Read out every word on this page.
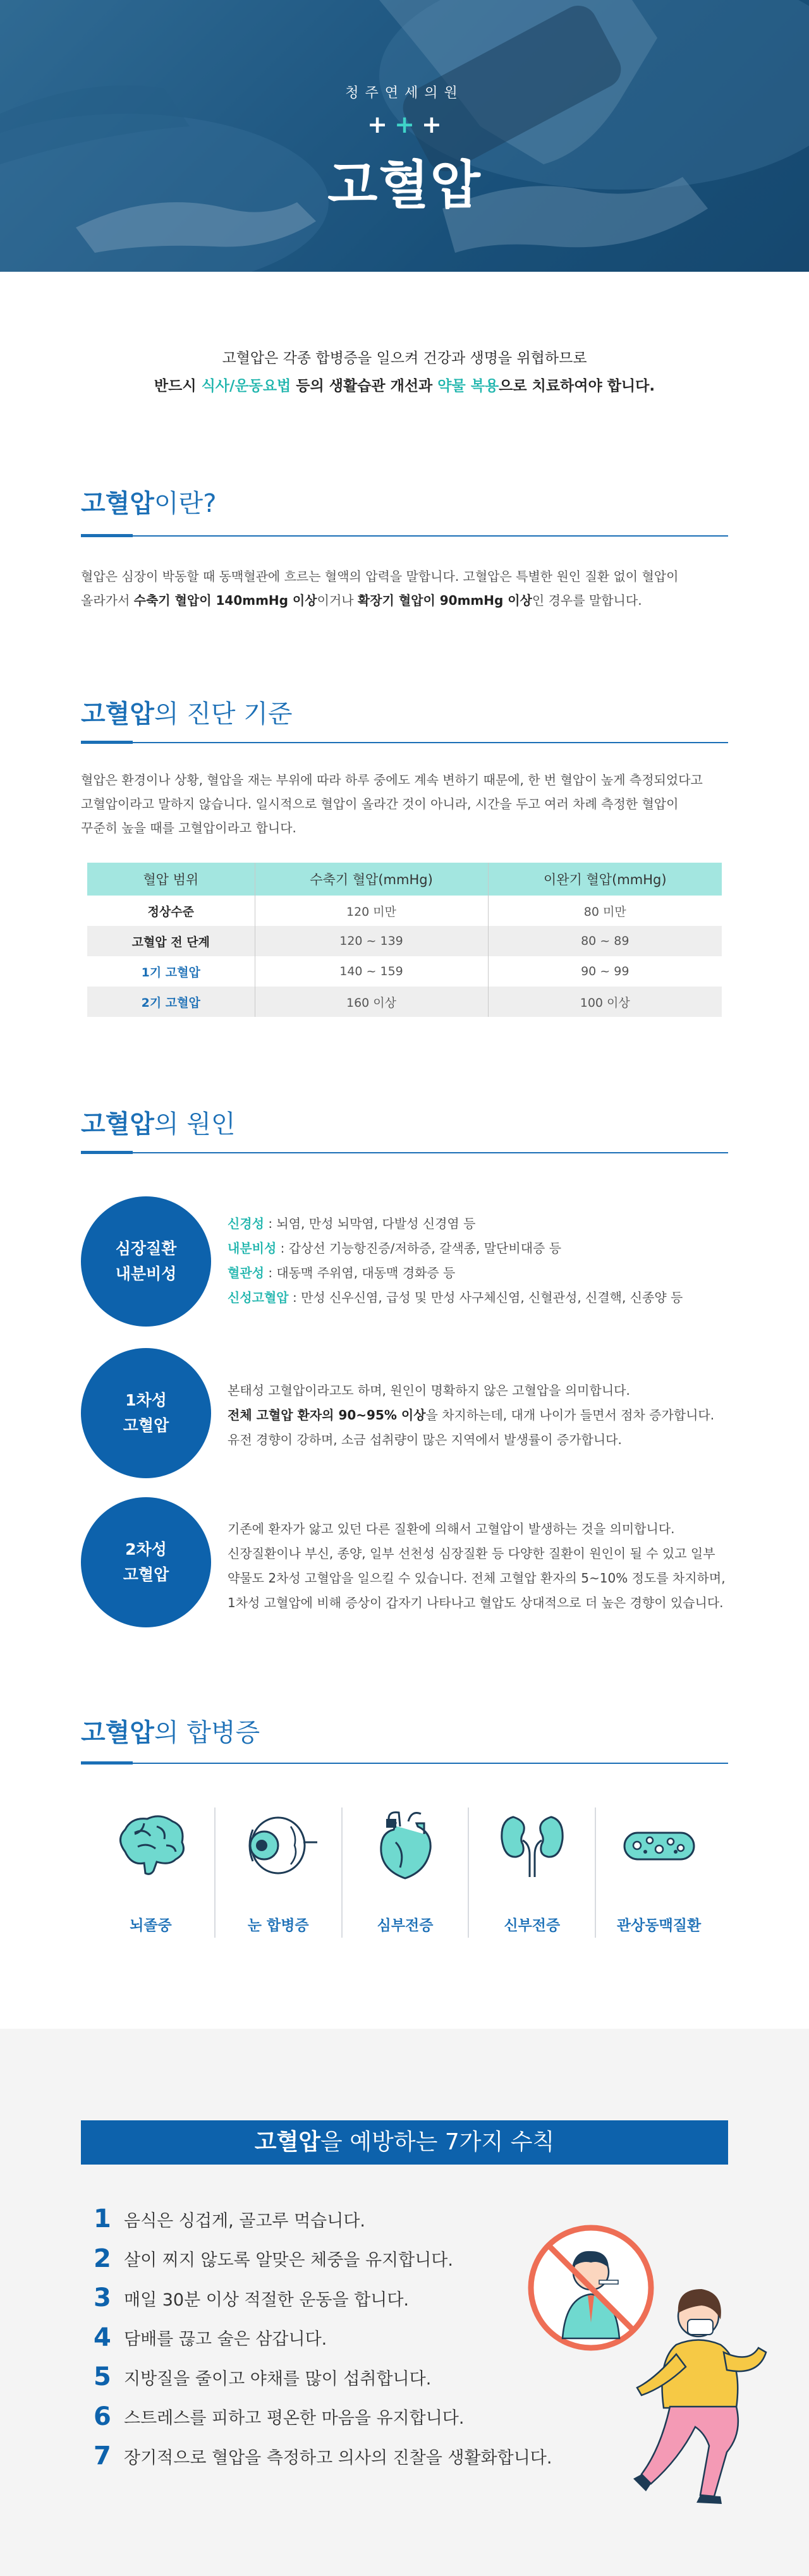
청주연세의원
+ + +
고혈압
고혈압은 각종 합병증을 일으켜 건강과 생명을 위협하므로
반드시 식사/운동요법 등의 생활습관 개선과 약물 복용으로 치료하여야 합니다.
고혈압이란?
혈압은 심장이 박동할 때 동맥혈관에 흐르는 혈액의 압력을 말합니다. 고혈압은 특별한 원인 질환 없이 혈압이
올라가서 수축기 혈압이 140mmHg 이상이거나 확장기 혈압이 90mmHg 이상인 경우를 말합니다.
고혈압의 진단 기준
혈압은 환경이나 상황, 혈압을 재는 부위에 따라 하루 중에도 계속 변하기 때문에, 한 번 혈압이 높게 측정되었다고
고혈압이라고 말하지 않습니다. 일시적으로 혈압이 올라간 것이 아니라, 시간을 두고 여러 차례 측정한 혈압이
꾸준히 높을 때를 고혈압이라고 합니다.
혈압 범위	수축기 혈압(mmHg)	이완기 혈압(mmHg)
정상수준	120 미만	80 미만
고혈압 전 단계	120 ~ 139	80 ~ 89
1기 고혈압	140 ~ 159	90 ~ 99
2기 고혈압	160 이상	100 이상
고혈압의 원인
심장질환
내분비성
신경성 : 뇌염, 만성 뇌막염, 다발성 신경염 등
내분비성 : 갑상선 기능항진증/저하증, 갈색종, 말단비대증 등
혈관성 : 대동맥 주위염, 대동맥 경화증 등
신성고혈압 : 만성 신우신염, 급성 및 만성 사구체신염, 신혈관성, 신결핵, 신종양 등
1차성
고혈압
본태성 고혈압이라고도 하며, 원인이 명확하지 않은 고혈압을 의미합니다.
전체 고혈압 환자의 90~95% 이상을 차지하는데, 대개 나이가 들면서 점차 증가합니다.
유전 경향이 강하며, 소금 섭취량이 많은 지역에서 발생률이 증가합니다.
2차성
고혈압
기존에 환자가 앓고 있던 다른 질환에 의해서 고혈압이 발생하는 것을 의미합니다.
신장질환이나 부신, 종양, 일부 선천성 심장질환 등 다양한 질환이 원인이 될 수 있고 일부
약물도 2차성 고혈압을 일으킬 수 있습니다. 전체 고혈압 환자의 5~10% 정도를 차지하며,
1차성 고혈압에 비해 증상이 갑자기 나타나고 혈압도 상대적으로 더 높은 경향이 있습니다.
고혈압의 합병증
뇌졸중	눈 합병증	심부전증	신부전증	관상동맥질환
고혈압을 예방하는 7가지 수칙
1 음식은 싱겁게, 골고루 먹습니다.
2 살이 찌지 않도록 알맞은 체중을 유지합니다.
3 매일 30분 이상 적절한 운동을 합니다.
4 담배를 끊고 술은 삼갑니다.
5 지방질을 줄이고 야채를 많이 섭취합니다.
6 스트레스를 피하고 평온한 마음을 유지합니다.
7 장기적으로 혈압을 측정하고 의사의 진찰을 생활화합니다.
